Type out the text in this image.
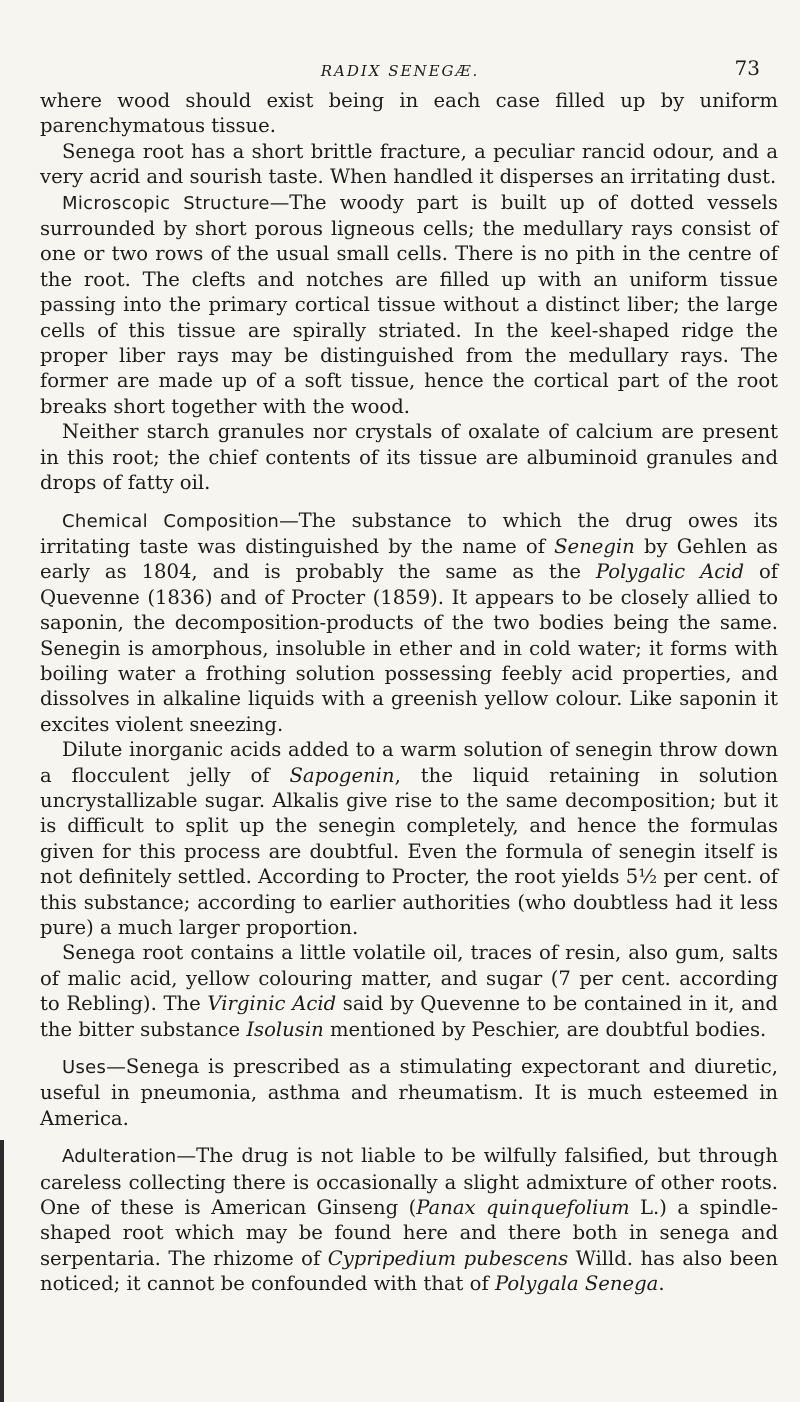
RADIX SENEGÆ.	73

where wood should exist being in each case filled up by uniform parenchymatous tissue.

Senega root has a short brittle fracture, a peculiar rancid odour, and a very acrid and sourish taste. When handled it disperses an irritating dust.

Microscopic Structure—The woody part is built up of dotted vessels surrounded by short porous ligneous cells; the medullary rays consist of one or two rows of the usual small cells. There is no pith in the centre of the root. The clefts and notches are filled up with an uniform tissue passing into the primary cortical tissue without a distinct liber; the large cells of this tissue are spirally striated. In the keel-shaped ridge the proper liber rays may be distinguished from the medullary rays. The former are made up of a soft tissue, hence the cortical part of the root breaks short together with the wood.

Neither starch granules nor crystals of oxalate of calcium are present in this root; the chief contents of its tissue are albuminoid granules and drops of fatty oil.

Chemical Composition—The substance to which the drug owes its irritating taste was distinguished by the name of Senegin by Gehlen as early as 1804, and is probably the same as the Polygalic Acid of Quevenne (1836) and of Procter (1859). It appears to be closely allied to saponin, the decomposition-products of the two bodies being the same. Senegin is amorphous, insoluble in ether and in cold water; it forms with boiling water a frothing solution possessing feebly acid properties, and dissolves in alkaline liquids with a greenish yellow colour. Like saponin it excites violent sneezing.

Dilute inorganic acids added to a warm solution of senegin throw down a flocculent jelly of Sapogenin, the liquid retaining in solution uncrystallizable sugar. Alkalis give rise to the same decomposition; but it is difficult to split up the senegin completely, and hence the formulas given for this process are doubtful. Even the formula of senegin itself is not definitely settled. According to Procter, the root yields 5½ per cent. of this substance; according to earlier authorities (who doubtless had it less pure) a much larger proportion.

Senega root contains a little volatile oil, traces of resin, also gum, salts of malic acid, yellow colouring matter, and sugar (7 per cent. according to Rebling). The Virginic Acid said by Quevenne to be contained in it, and the bitter substance Isolusin mentioned by Peschier, are doubtful bodies.

Uses—Senega is prescribed as a stimulating expectorant and diuretic, useful in pneumonia, asthma and rheumatism. It is much esteemed in America.

Adulteration—The drug is not liable to be wilfully falsified, but through careless collecting there is occasionally a slight admixture of other roots. One of these is American Ginseng (Panax quinquefolium L.) a spindle-shaped root which may be found here and there both in senega and serpentaria. The rhizome of Cypripedium pubescens Willd. has also been noticed; it cannot be confounded with that of Polygala Senega.
